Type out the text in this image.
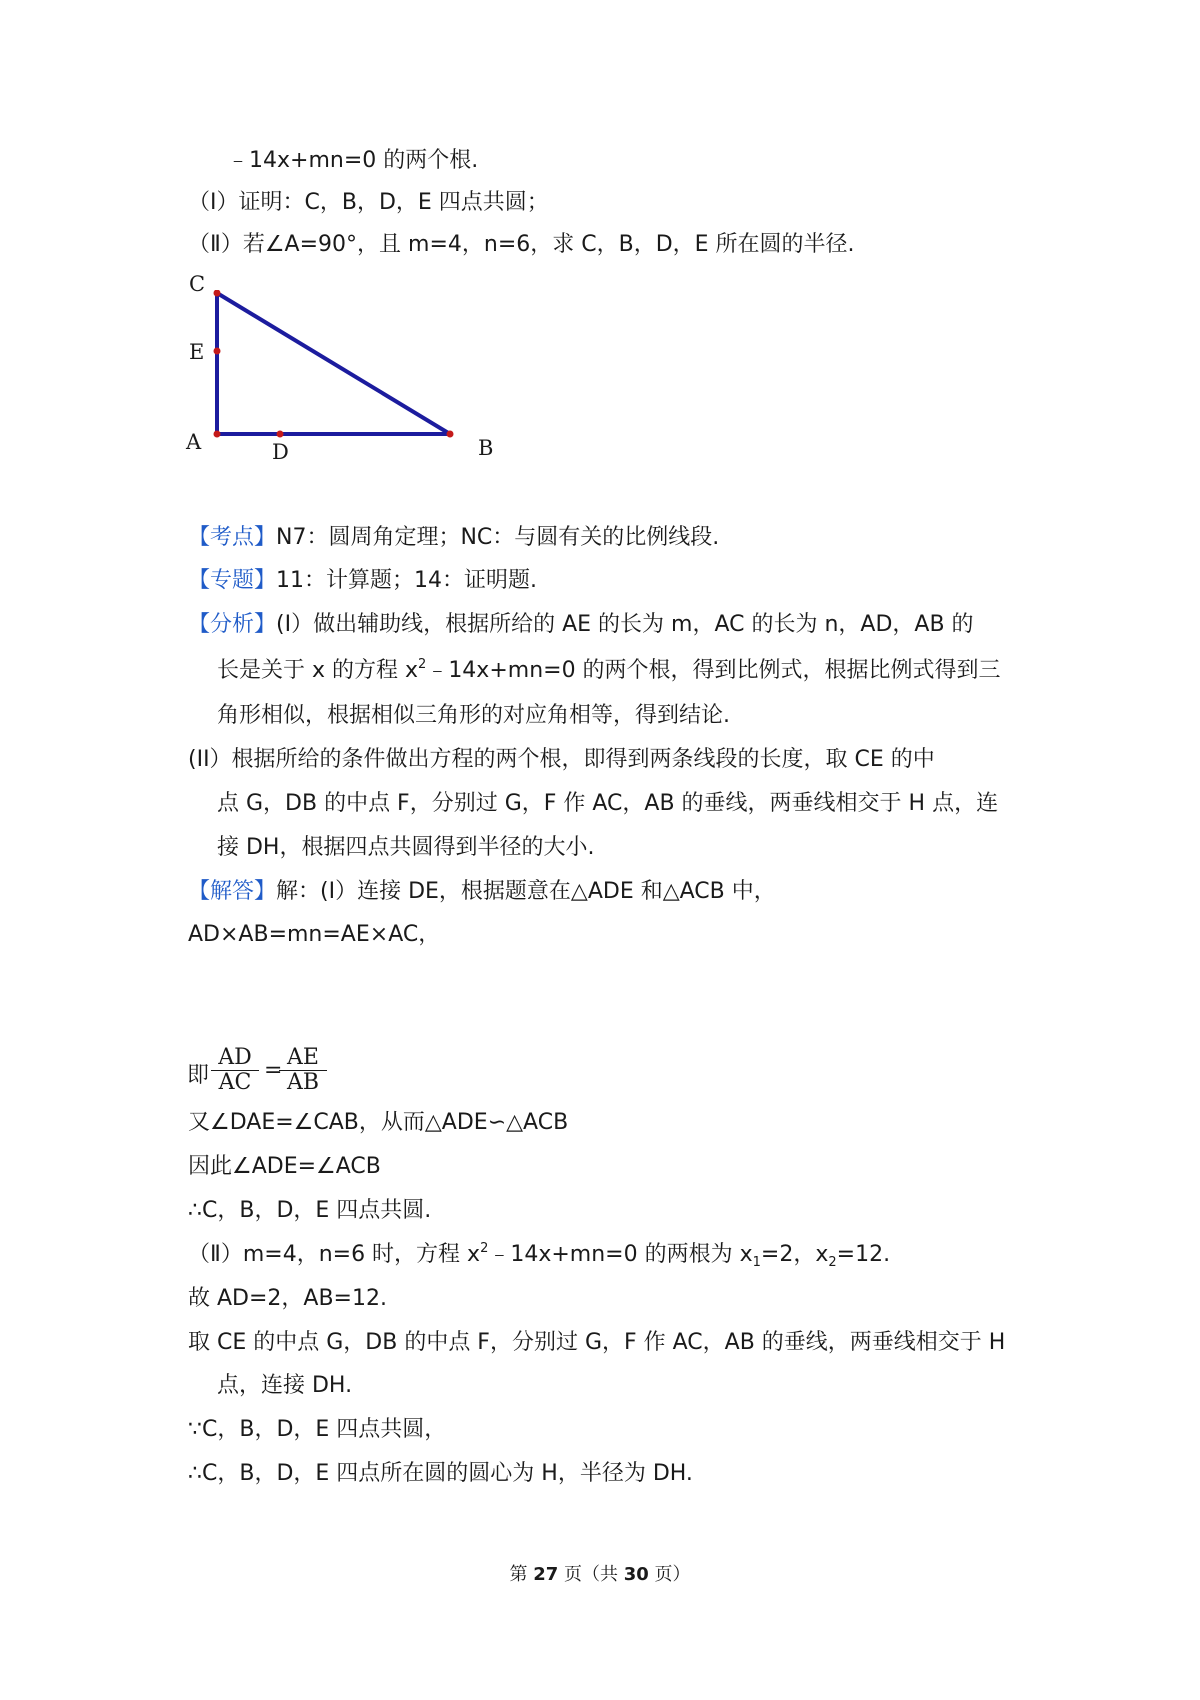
﹣14x+mn=0 的两个根.
（Ⅰ）证明：C，B，D，E 四点共圆；
（Ⅱ）若∠A=90°，且 m=4，n=6，求 C，B，D，E 所在圆的半径.
C
E
A	D	B
【考点】N7：圆周角定理；NC：与圆有关的比例线段.
【专题】11：计算题；14：证明题.
【分析】(I）做出辅助线，根据所给的 AE 的长为 m，AC 的长为 n，AD，AB 的
长是关于 x 的方程 $x^2﹣14x+mn=0$ 的两个根，得到比例式，根据比例式得到三
角形相似，根据相似三角形的对应角相等，得到结论.
(II）根据所给的条件做出方程的两个根，即得到两条线段的长度，取 CE 的中
点 G，DB 的中点 F，分别过 G，F 作 AC，AB 的垂线，两垂线相交于 H 点，连
接 DH，根据四点共圆得到半径的大小.
【解答】解：(I）连接 DE，根据题意在△ADE 和△ACB 中，
AD×AB=mn=AE×AC，
即
AD
AC =
AE
AB
又∠DAE=∠CAB，从而△ADE∽△ACB
因此∠ADE=∠ACB
∴C，B，D，E 四点共圆.
（Ⅱ）m=4，n=6 时，方程 $x^2﹣14x+mn=0$ 的两根为 $x_1=2$，$x_2=12$.
故 AD=2，AB=12.
取 CE 的中点 G，DB 的中点 F，分别过 G，F 作 AC，AB 的垂线，两垂线相交于 H
点，连接 DH.
∵C，B，D，E 四点共圆，
∴C，B，D，E 四点所在圆的圆心为 H，半径为 DH.
第 27 页（共 30 页）
